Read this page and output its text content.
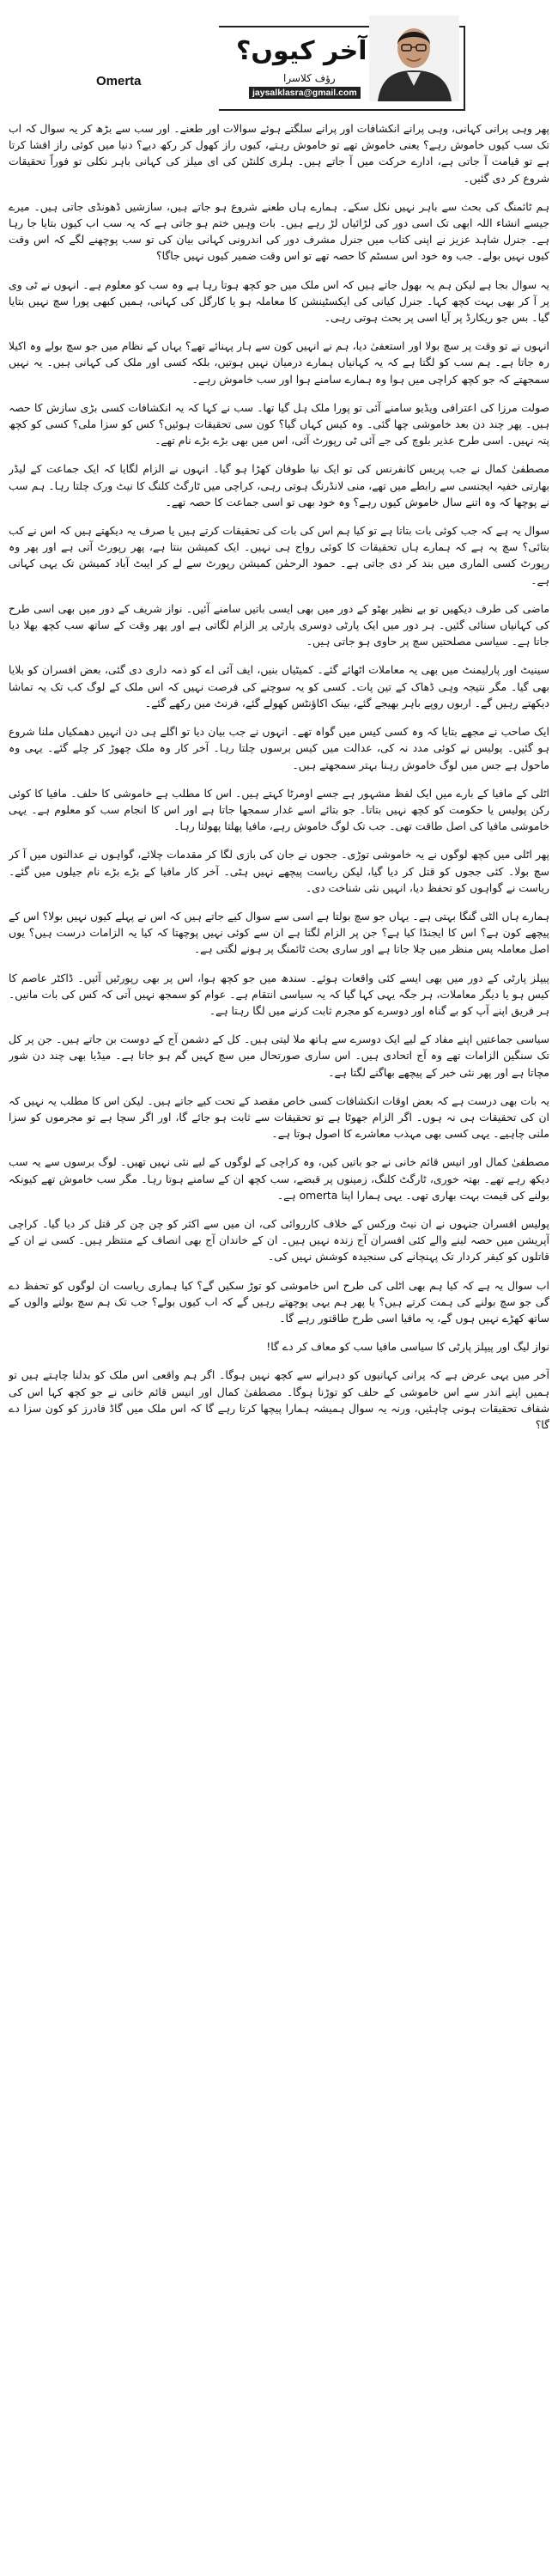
Omerta
آخر کیوں؟
رؤف کلاسرا
jaysalklasra@gmail.com

پھر وہی پرانی کہانی، وہی پرانے انکشافات اور پرانے سلگتے ہوئے سوالات اور طعنے۔ اور سب سے بڑھ کر یہ سوال کہ اب تک سب کیوں خاموش رہے؟ یعنی خاموش تھے تو خاموش رہتے، کیوں راز کھول کر رکھ دیے؟ دنیا میں کوئی راز افشا کرتا ہے تو قیامت آ جاتی ہے، ادارے حرکت میں آ جاتے ہیں۔ ہلری کلنٹن کی ای میلز کی کہانی باہر نکلی تو فوراً تحقیقات شروع کر دی گئیں۔

ہم ٹائمنگ کی بحث سے باہر نہیں نکل سکے۔ ہمارے ہاں طعنے شروع ہو جاتے ہیں، سازشیں ڈھونڈی جاتی ہیں۔ میرے جیسے انشاء اللہ ابھی تک اسی دور کی لڑائیاں لڑ رہے ہیں۔ بات وہیں ختم ہو جاتی ہے کہ یہ سب اب کیوں بتایا جا رہا ہے۔ جنرل شاہد عزیز نے اپنی کتاب میں جنرل مشرف دور کی اندرونی کہانی بیان کی تو سب پوچھنے لگے کہ اس وقت کیوں نہیں بولے۔ جب وہ خود اس سسٹم کا حصہ تھے تو اس وقت ضمیر کیوں نہیں جاگا؟

یہ سوال بجا ہے لیکن ہم یہ بھول جاتے ہیں کہ اس ملک میں جو کچھ ہوتا رہا ہے وہ سب کو معلوم ہے۔ انہوں نے ٹی وی پر آ کر بھی بہت کچھ کہا۔ جنرل کیانی کی ایکسٹینشن کا معاملہ ہو یا کارگل کی کہانی، ہمیں کبھی پورا سچ نہیں بتایا گیا۔ بس جو ریکارڈ پر آیا اسی پر بحث ہوتی رہی۔

انہوں نے تو وقت پر سچ بولا اور استعفیٰ دیا، ہم نے انہیں کون سے ہار پہنائے تھے؟ یہاں کے نظام میں جو سچ بولے وہ اکیلا رہ جاتا ہے۔ ہم سب کو لگتا ہے کہ یہ کہانیاں ہمارے درمیان نہیں ہوتیں، بلکہ کسی اور ملک کی کہانی ہیں۔ یہ نہیں سمجھتے کہ جو کچھ کراچی میں ہوا وہ ہمارے سامنے ہوا اور سب خاموش رہے۔

صولت مرزا کی اعترافی ویڈیو سامنے آئی تو پورا ملک ہل گیا تھا۔ سب نے کہا کہ یہ انکشافات کسی بڑی سازش کا حصہ ہیں۔ پھر چند دن بعد خاموشی چھا گئی۔ وہ کیس کہاں گیا؟ کون سی تحقیقات ہوئیں؟ کس کو سزا ملی؟ کسی کو کچھ پتہ نہیں۔ اسی طرح عذیر بلوچ کی جے آئی ٹی رپورٹ آئی، اس میں بھی بڑے بڑے نام تھے۔

مصطفیٰ کمال نے جب پریس کانفرنس کی تو ایک نیا طوفان کھڑا ہو گیا۔ انہوں نے الزام لگایا کہ ایک جماعت کے لیڈر بھارتی خفیہ ایجنسی سے رابطے میں تھے، منی لانڈرنگ ہوتی رہی، کراچی میں ٹارگٹ کلنگ کا نیٹ ورک چلتا رہا۔ ہم سب نے پوچھا کہ وہ اتنے سال خاموش کیوں رہے؟ وہ خود بھی تو اسی جماعت کا حصہ تھے۔

سوال یہ ہے کہ جب کوئی بات بتاتا ہے تو کیا ہم اس کی بات کی تحقیقات کرتے ہیں یا صرف یہ دیکھتے ہیں کہ اس نے کب بتائی؟ سچ یہ ہے کہ ہمارے ہاں تحقیقات کا کوئی رواج ہی نہیں۔ ایک کمیشن بنتا ہے، پھر رپورٹ آتی ہے اور پھر وہ رپورٹ کسی الماری میں بند کر دی جاتی ہے۔ حمود الرحمٰن کمیشن رپورٹ سے لے کر ایبٹ آباد کمیشن تک یہی کہانی ہے۔

ماضی کی طرف دیکھیں تو بے نظیر بھٹو کے دور میں بھی ایسی باتیں سامنے آئیں۔ نواز شریف کے دور میں بھی اسی طرح کی کہانیاں سنائی گئیں۔ ہر دور میں ایک پارٹی دوسری پارٹی پر الزام لگاتی ہے اور پھر وقت کے ساتھ سب کچھ بھلا دیا جاتا ہے۔ سیاسی مصلحتیں سچ پر حاوی ہو جاتی ہیں۔

سینیٹ اور پارلیمنٹ میں بھی یہ معاملات اٹھائے گئے۔ کمیٹیاں بنیں، ایف آئی اے کو ذمہ داری دی گئی، بعض افسران کو بلایا بھی گیا۔ مگر نتیجہ وہی ڈھاک کے تین پات۔ کسی کو یہ سوچنے کی فرصت نہیں کہ اس ملک کے لوگ کب تک یہ تماشا دیکھتے رہیں گے۔ اربوں روپے باہر بھیجے گئے، بینک اکاؤنٹس کھولے گئے، فرنٹ مین رکھے گئے۔

ایک صاحب نے مجھے بتایا کہ وہ کسی کیس میں گواہ تھے۔ انہوں نے جب بیان دیا تو اگلے ہی دن انہیں دھمکیاں ملنا شروع ہو گئیں۔ پولیس نے کوئی مدد نہ کی، عدالت میں کیس برسوں چلتا رہا۔ آخر کار وہ ملک چھوڑ کر چلے گئے۔ یہی وہ ماحول ہے جس میں لوگ خاموش رہنا بہتر سمجھتے ہیں۔

اٹلی کے مافیا کے بارے میں ایک لفظ مشہور ہے جسے اومرٹا کہتے ہیں۔ اس کا مطلب ہے خاموشی کا حلف۔ مافیا کا کوئی رکن پولیس یا حکومت کو کچھ نہیں بتاتا۔ جو بتائے اسے غدار سمجھا جاتا ہے اور اس کا انجام سب کو معلوم ہے۔ یہی خاموشی مافیا کی اصل طاقت تھی۔ جب تک لوگ خاموش رہے، مافیا پھلتا پھولتا رہا۔

پھر اٹلی میں کچھ لوگوں نے یہ خاموشی توڑی۔ ججوں نے جان کی بازی لگا کر مقدمات چلائے، گواہوں نے عدالتوں میں آ کر سچ بولا۔ کئی ججوں کو قتل کر دیا گیا، لیکن ریاست پیچھے نہیں ہٹی۔ آخر کار مافیا کے بڑے بڑے نام جیلوں میں گئے۔ ریاست نے گواہوں کو تحفظ دیا، انہیں نئی شناخت دی۔

ہمارے ہاں الٹی گنگا بہتی ہے۔ یہاں جو سچ بولتا ہے اسی سے سوال کیے جاتے ہیں کہ اس نے پہلے کیوں نہیں بولا؟ اس کے پیچھے کون ہے؟ اس کا ایجنڈا کیا ہے؟ جن پر الزام لگتا ہے ان سے کوئی نہیں پوچھتا کہ کیا یہ الزامات درست ہیں؟ یوں اصل معاملہ پس منظر میں چلا جاتا ہے اور ساری بحث ٹائمنگ پر ہونے لگتی ہے۔

پیپلز پارٹی کے دور میں بھی ایسے کئی واقعات ہوئے۔ سندھ میں جو کچھ ہوا، اس پر بھی رپورٹیں آئیں۔ ڈاکٹر عاصم کا کیس ہو یا دیگر معاملات، ہر جگہ یہی کہا گیا کہ یہ سیاسی انتقام ہے۔ عوام کو سمجھ نہیں آتی کہ کس کی بات مانیں۔ ہر فریق اپنے آپ کو بے گناہ اور دوسرے کو مجرم ثابت کرنے میں لگا رہتا ہے۔

سیاسی جماعتیں اپنے مفاد کے لیے ایک دوسرے سے ہاتھ ملا لیتی ہیں۔ کل کے دشمن آج کے دوست بن جاتے ہیں۔ جن پر کل تک سنگین الزامات تھے وہ آج اتحادی ہیں۔ اس ساری صورتحال میں سچ کہیں گم ہو جاتا ہے۔ میڈیا بھی چند دن شور مچاتا ہے اور پھر نئی خبر کے پیچھے بھاگنے لگتا ہے۔

یہ بات بھی درست ہے کہ بعض اوقات انکشافات کسی خاص مقصد کے تحت کیے جاتے ہیں۔ لیکن اس کا مطلب یہ نہیں کہ ان کی تحقیقات ہی نہ ہوں۔ اگر الزام جھوٹا ہے تو تحقیقات سے ثابت ہو جائے گا، اور اگر سچا ہے تو مجرموں کو سزا ملنی چاہیے۔ یہی کسی بھی مہذب معاشرے کا اصول ہوتا ہے۔

مصطفیٰ کمال اور انیس قائم خانی نے جو باتیں کیں، وہ کراچی کے لوگوں کے لیے نئی نہیں تھیں۔ لوگ برسوں سے یہ سب دیکھ رہے تھے۔ بھتہ خوری، ٹارگٹ کلنگ، زمینوں پر قبضے، سب کچھ ان کے سامنے ہوتا رہا۔ مگر سب خاموش تھے کیونکہ بولنے کی قیمت بہت بھاری تھی۔ یہی ہمارا اپنا omerta ہے۔

پولیس افسران جنہوں نے ان نیٹ ورکس کے خلاف کارروائی کی، ان میں سے اکثر کو چن چن کر قتل کر دیا گیا۔ کراچی آپریشن میں حصہ لینے والے کئی افسران آج زندہ نہیں ہیں۔ ان کے خاندان آج بھی انصاف کے منتظر ہیں۔ کسی نے ان کے قاتلوں کو کیفر کردار تک پہنچانے کی سنجیدہ کوشش نہیں کی۔

اب سوال یہ ہے کہ کیا ہم بھی اٹلی کی طرح اس خاموشی کو توڑ سکیں گے؟ کیا ہماری ریاست ان لوگوں کو تحفظ دے گی جو سچ بولنے کی ہمت کرتے ہیں؟ یا پھر ہم یہی پوچھتے رہیں گے کہ اب کیوں بولے؟ جب تک ہم سچ بولنے والوں کے ساتھ کھڑے نہیں ہوں گے، یہ مافیا اسی طرح طاقتور رہے گا۔

نواز لیگ اور پیپلز پارٹی کا سیاسی مافیا سب کو معاف کر دے گا!

آخر میں یہی عرض ہے کہ پرانی کہانیوں کو دہرانے سے کچھ نہیں ہوگا۔ اگر ہم واقعی اس ملک کو بدلنا چاہتے ہیں تو ہمیں اپنے اندر سے اس خاموشی کے حلف کو توڑنا ہوگا۔ مصطفیٰ کمال اور انیس قائم خانی نے جو کچھ کہا اس کی شفاف تحقیقات ہونی چاہئیں، ورنہ یہ سوال ہمیشہ ہمارا پیچھا کرتا رہے گا کہ اس ملک میں گاڈ فادرز کو کون سزا دے گا؟
